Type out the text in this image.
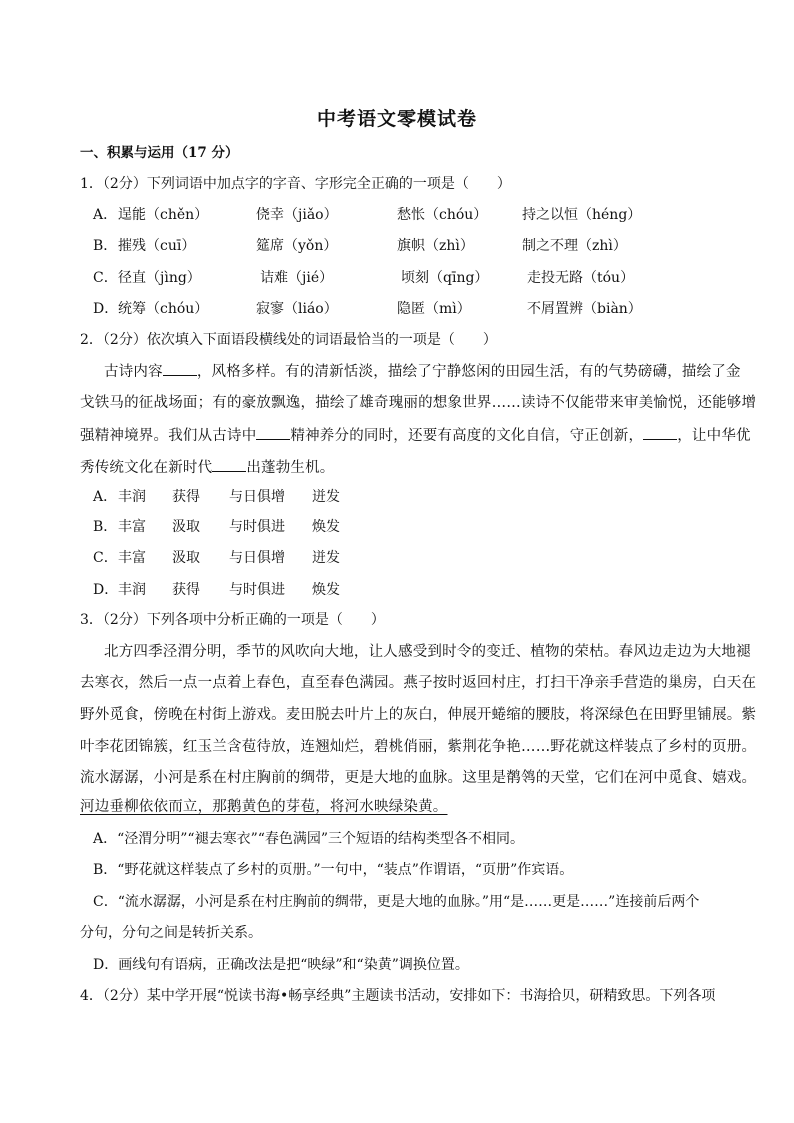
中考语文零模试卷
一、积累与运用（17 分）
1．（2分）下列词语中加点字的字音、字形完全正确的一项是（　　）
A． 逞能（chěn）	侥幸（jiǎo）	愁怅（chóu） 持之以恒（héng）
B． 摧残（cuī）	筵席（yǒn）	旗帜（zhì）	制之不理（zhì）
C． 径直（jìng）	诘难（jié）	顷刻（qīng）	走投无路（tóu）
D． 统筹（chóu）	寂寥（liáo）	隐匿（mì）	不屑置辨（biàn）
2．（2分）依次填入下面语段横线处的词语最恰当的一项是（　　）
古诗内容 ，风格多样。有的清新恬淡，描绘了宁静悠闲的田园生活，有的气势磅礴，描绘了金
戈铁马的征战场面；有的豪放飘逸，描绘了雄奇瑰丽的想象世界……读诗不仅能带来审美愉悦，还能够增
强精神境界。我们从古诗中 精神养分的同时，还要有高度的文化自信，守正创新， ，让中华优
秀传统文化在新时代 出蓬勃生机。
A． 丰润 获得 与日俱增 迸发
B． 丰富 汲取 与时俱进 焕发
C． 丰富 汲取 与日俱增 迸发
D． 丰润 获得 与时俱进 焕发
3．（2分）下列各项中分析正确的一项是（　　）
北方四季泾渭分明，季节的风吹向大地，让人感受到时令的变迁、植物的荣枯。春风边走边为大地褪
去寒衣，然后一点一点着上春色，直至春色满园。燕子按时返回村庄，打扫干净亲手营造的巢房，白天在
野外觅食，傍晚在村街上游戏。麦田脱去叶片上的灰白，伸展开蜷缩的腰肢，将深绿色在田野里铺展。紫
叶李花团锦簇，红玉兰含苞待放，连翘灿烂，碧桃俏丽，紫荆花争艳……野花就这样装点了乡村的页册。
流水潺潺，小河是系在村庄胸前的绸带，更是大地的血脉。这里是鹡鸰的天堂，它们在河中觅食、嬉戏。
河边垂柳依依而立，那鹅黄色的芽苞，将河水映绿染黄。
A．“泾渭分明”“褪去寒衣”“春色满园”三个短语的结构类型各不相同。
B．“野花就这样装点了乡村的页册。”一句中，“装点”作谓语，“页册”作宾语。
C．“流水潺潺，小河是系在村庄胸前的绸带，更是大地的血脉。”用“是……更是……”连接前后两个
分句，分句之间是转折关系。
D．画线句有语病，正确改法是把“映绿”和“染黄”调换位置。
4．（2分）某中学开展“悦读书海•畅享经典”主题读书活动，安排如下：书海拾贝，研精致思。下列各项
